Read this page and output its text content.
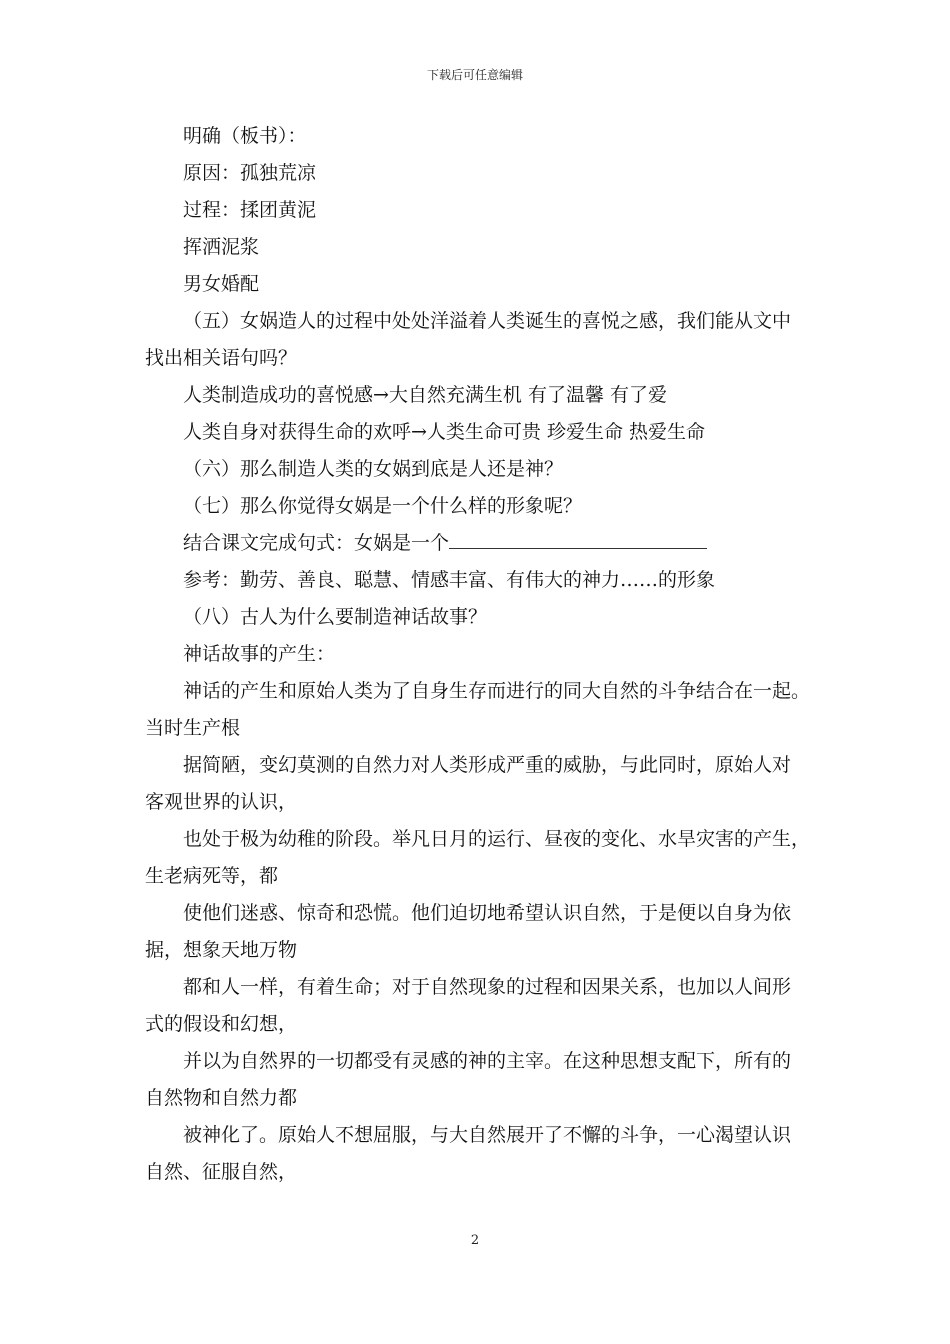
下载后可任意编辑
明确（板书）：
原因：孤独荒凉
过程：揉团黄泥
挥洒泥浆
男女婚配
（五）女娲造人的过程中处处洋溢着人类诞生的喜悦之感，我们能从文中
找出相关语句吗？
人类制造成功的喜悦感→大自然充满生机 有了温馨 有了爱
人类自身对获得生命的欢呼→人类生命可贵 珍爱生命 热爱生命
（六）那么制造人类的女娲到底是人还是神？
（七）那么你觉得女娲是一个什么样的形象呢？
结合课文完成句式：女娲是一个
参考：勤劳、善良、聪慧、情感丰富、有伟大的神力……的形象
（八）古人为什么要制造神话故事？
神话故事的产生：
神话的产生和原始人类为了自身生存而进行的同大自然的斗争结合在一起。
当时生产根
据简陋，变幻莫测的自然力对人类形成严重的威胁，与此同时，原始人对
客观世界的认识，
也处于极为幼稚的阶段。举凡日月的运行、昼夜的变化、水旱灾害的产生，
生老病死等，都
使他们迷惑、惊奇和恐慌。他们迫切地希望认识自然，于是便以自身为依
据，想象天地万物
都和人一样，有着生命；对于自然现象的过程和因果关系，也加以人间形
式的假设和幻想，
并以为自然界的一切都受有灵感的神的主宰。在这种思想支配下，所有的
自然物和自然力都
被神化了。原始人不想屈服，与大自然展开了不懈的斗争，一心渴望认识
自然、征服自然，
2
